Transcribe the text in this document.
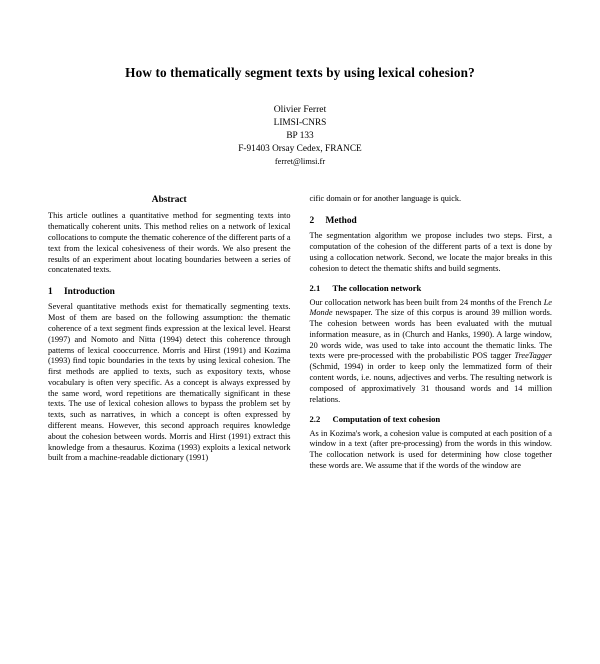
How to thematically segment texts by using lexical cohesion?
Olivier Ferret
LIMSI-CNRS
BP 133
F-91403 Orsay Cedex, FRANCE
ferret@limsi.fr
Abstract

This article outlines a quantitative method for segmenting texts into thematically coherent units. This method relies on a network of lexical collocations to compute the thematic coherence of the different parts of a text from the lexical cohesiveness of their words. We also present the results of an experiment about locating boundaries between a series of concatenated texts.

1	Introduction

Several quantitative methods exist for thematically segmenting texts. Most of them are based on the following assumption: the thematic coherence of a text segment finds expression at the lexical level. Hearst (1997) and Nomoto and Nitta (1994) detect this coherence through patterns of lexical cooccurrence. Morris and Hirst (1991) and Kozima (1993) find topic boundaries in the texts by using lexical cohesion. The first methods are applied to texts, such as expository texts, whose vocabulary is often very specific. As a concept is always expressed by the same word, word repetitions are thematically significant in these texts. The use of lexical cohesion allows to bypass the problem set by texts, such as narratives, in which a concept is often expressed by different means. However, this second approach requires knowledge about the cohesion between words. Morris and Hirst (1991) extract this knowledge from a thesaurus. Kozima (1993) exploits a lexical network built from a machine-readable dictionary (1991)

cific domain or for another language is quick.

2	Method

The segmentation algorithm we propose includes two steps. First, a computation of the cohesion of the different parts of a text is done by using a collocation network. Second, we locate the major breaks in this cohesion to detect the thematic shifts and build segments.

2.1	The collocation network

Our collocation network has been built from 24 months of the French Le Monde newspaper. The size of this corpus is around 39 million words. The cohesion between words has been evaluated with the mutual information measure, as in (Church and Hanks, 1990). A large window, 20 words wide, was used to take into account the thematic links. The texts were pre-processed with the probabilistic POS tagger TreeTagger (Schmid, 1994) in order to keep only the lemmatized form of their content words, i.e. nouns, adjectives and verbs. The resulting network is composed of approximatively 31 thousand words and 14 million relations.

2.2	Computation of text cohesion

As in Kozima's work, a cohesion value is computed at each position of a window in a text (after pre-processing) from the words in this window. The collocation network is used for determining how close together these words are. We assume that if the words of the window are
